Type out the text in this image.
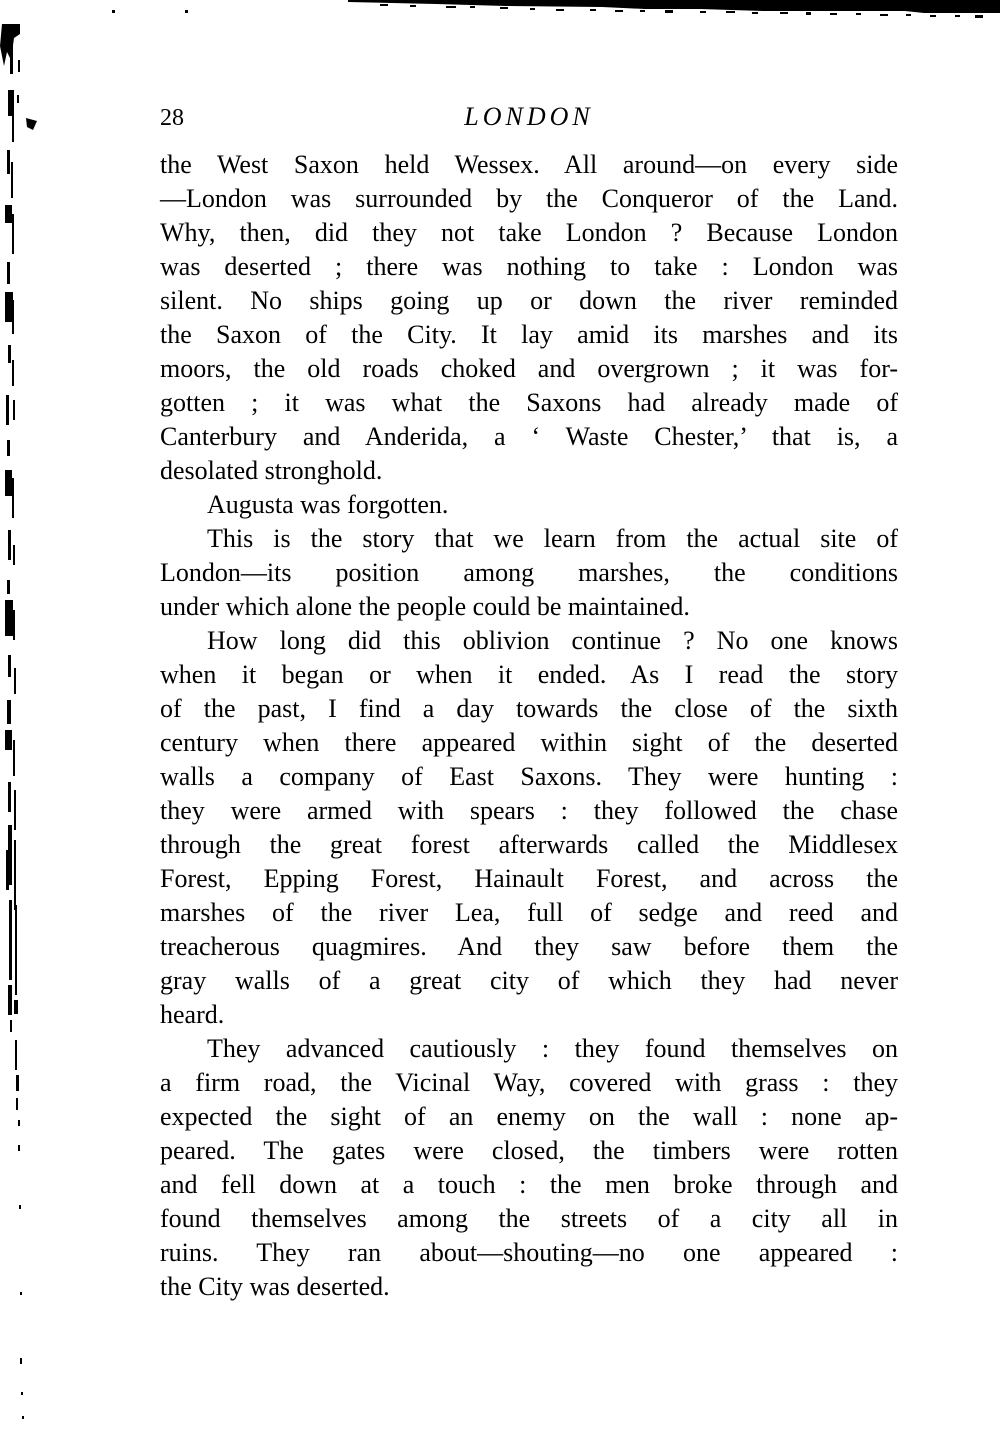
28	LONDON
the West Saxon held Wessex. All around—on every side
—London was surrounded by the Conqueror of the Land.
Why, then, did they not take London ? Because London
was deserted ; there was nothing to take : London was
silent. No ships going up or down the river reminded
the Saxon of the City. It lay amid its marshes and its
moors, the old roads choked and overgrown ; it was for-
gotten ; it was what the Saxons had already made of
Canterbury and Anderida, a ‘ Waste Chester,’ that is, a
desolated stronghold.
Augusta was forgotten.
This is the story that we learn from the actual site of
London—its position among marshes, the conditions
under which alone the people could be maintained.
How long did this oblivion continue ? No one knows
when it began or when it ended. As I read the story
of the past, I find a day towards the close of the sixth
century when there appeared within sight of the deserted
walls a company of East Saxons. They were hunting :
they were armed with spears : they followed the chase
through the great forest afterwards called the Middlesex
Forest, Epping Forest, Hainault Forest, and across the
marshes of the river Lea, full of sedge and reed and
treacherous quagmires. And they saw before them the
gray walls of a great city of which they had never
heard.
They advanced cautiously : they found themselves on
a firm road, the Vicinal Way, covered with grass : they
expected the sight of an enemy on the wall : none ap-
peared. The gates were closed, the timbers were rotten
and fell down at a touch : the men broke through and
found themselves among the streets of a city all in
ruins. They ran about—shouting—no one appeared :
the City was deserted.
